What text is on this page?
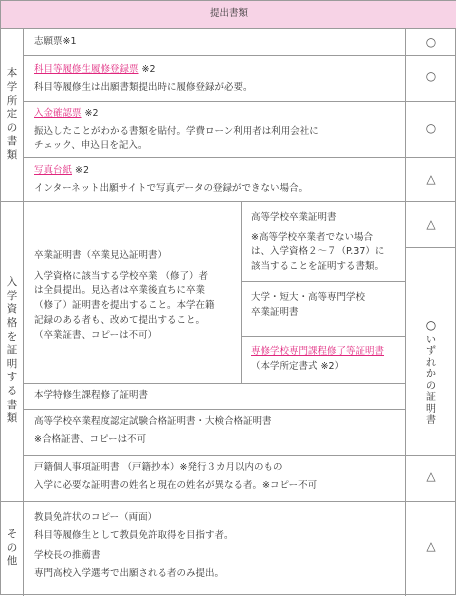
提出書類
本
学
所
定
の
書
類
志願票※1	○
科目等履修生履修登録票 ※2
科目等履修生は出願書類提出時に履修登録が必要。
○
入金確認票 ※2
振込したことがわかる書類を貼付。学費ローン利用者は利用会社に
チェック、申込日を記入。
○
写真台紙 ※2
インターネット出願サイトで写真データの登録ができない場合。
△
入
学
資
格
を
証
明
す
る
書
類
卒業証明書（卒業見込証明書）
入学資格に該当する学校卒業 （修了）者
は全員提出。見込者は卒業後直ちに卒業
（修了）証明書を提出すること。本学在籍
記録のある者も、改めて提出すること。
（卒業証書、コピーは不可）
高等学校卒業証明書
※高等学校卒業者でない場合
は、入学資格２～７（P.37）に
該当することを証明する書類。
△
大学・短大・高等専門学校
卒業証明書
専修学校専門課程修了等証明書
（本学所定書式 ※2）
○
い
ず
れ
か
の
証
明
書
本学特修生課程修了証明書
高等学校卒業程度認定試験合格証明書・大検合格証明書
※合格証書、コピーは不可
戸籍個人事項証明書 （戸籍抄本）※発行３カ月以内のもの
入学に必要な証明書の姓名と現在の姓名が異なる者。※コピー不可
△
そ
の
他
教員免許状のコピー（両面）
科目等履修生として教員免許取得を目指す者。
学校長の推薦書
専門高校入学選考で出願される者のみ提出。
△
